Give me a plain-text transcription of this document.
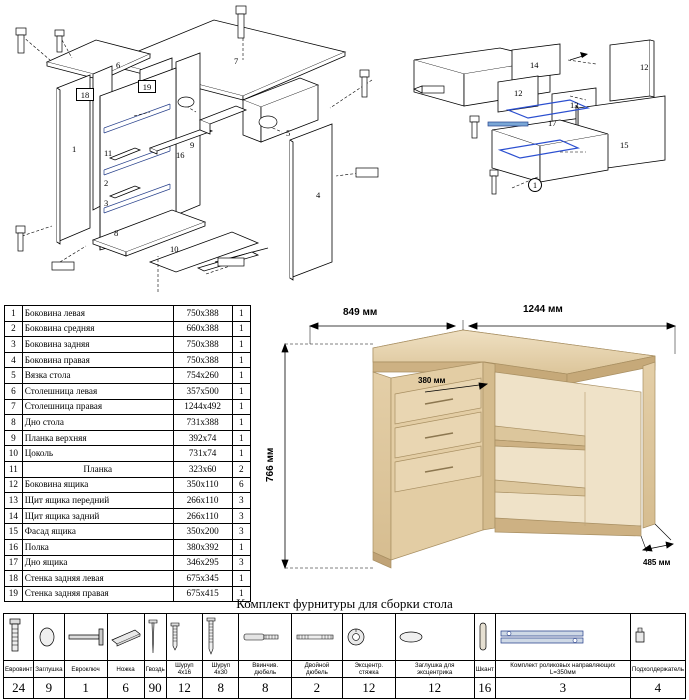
7
6
19
18
1
2
3
11	16
9
5
4
8
10
14	12
12
13
17
15
1
1	Боковина левая	750x388	1
2	Боковина средняя	660x388	1
3	Боковина задняя	750x388	1
4	Боковина правая	750x388	1
5	Вязка стола	754x260	1
6	Столешница левая	357x500	1
7	Столешница правая	1244x492	1
8	Дно стола	731x388	1
9	Планка верхняя	392x74	1
10	Цоколь	731x74	1
11	Планка	323x60	2
12	Боковина ящика	350x110	6
13	Щит ящика передний	266x110	3
14	Щит ящика задний	266x110	3
15	Фасад ящика	350x200	3
16	Полка	380x392	1
17	Дно ящика	346x295	3
18	Стенка задняя левая	675x345	1
19	Стенка задняя правая	675x415	1
849 мм	1244 мм
380 мм
766 мм
485 мм
Комплект фурнитуры для сборки стола

Евровинт	Заглушка	Евроключ	Ножка	Гвоздь	Шуруп 4x16	Шуруп 4x30	Ввинчив. дюбель	Двойной дюбель	Эксцентр. стяжка	Заглушка для эксцентрика	Шкант	Комплект роликовых направляющих L=350мм	Подхолдержатель
24	9	1	6	90	12	8	8	2	12	12	16	3	4
